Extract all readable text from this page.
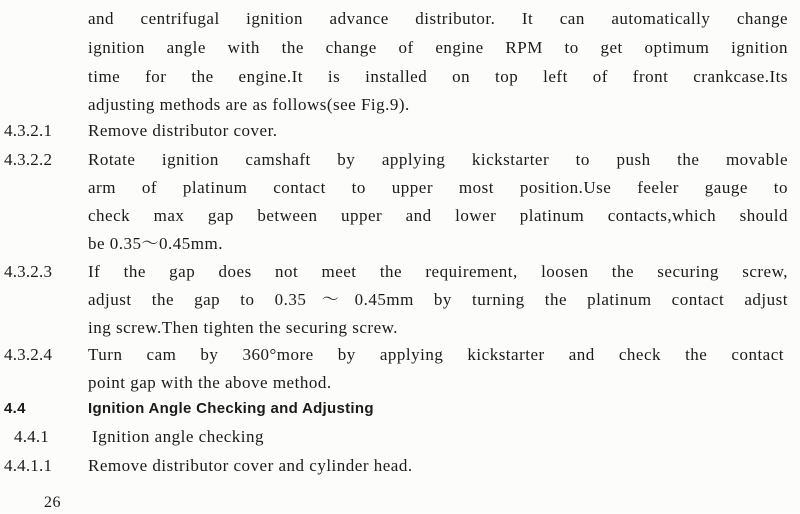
and centrifugal ignition advance distributor. It can automatically change
ignition angle with the change of engine RPM to get optimum ignition
time for the engine.It is installed on top left of front crankcase.Its
adjusting methods are as follows(see Fig.9).
4.3.2.1 Remove distributor cover.
4.3.2.2 Rotate ignition camshaft by applying kickstarter to push the movable
arm of platinum contact to upper most position.Use feeler gauge to
check max gap between upper and lower platinum contacts,which should
be 0.35～0.45mm.
4.3.2.3 If the gap does not meet the requirement, loosen the securing screw,
adjust the gap to 0.35～0.45mm by turning the platinum contact adjust
ing screw.Then tighten the securing screw.
4.3.2.4 Turn cam by 360°more by applying kickstarter and check the contact
point gap with the above method.
4.4	Ignition Angle Checking and Adjusting
4.4.1	Ignition angle checking
4.4.1.1 Remove distributor cover and cylinder head.
26
